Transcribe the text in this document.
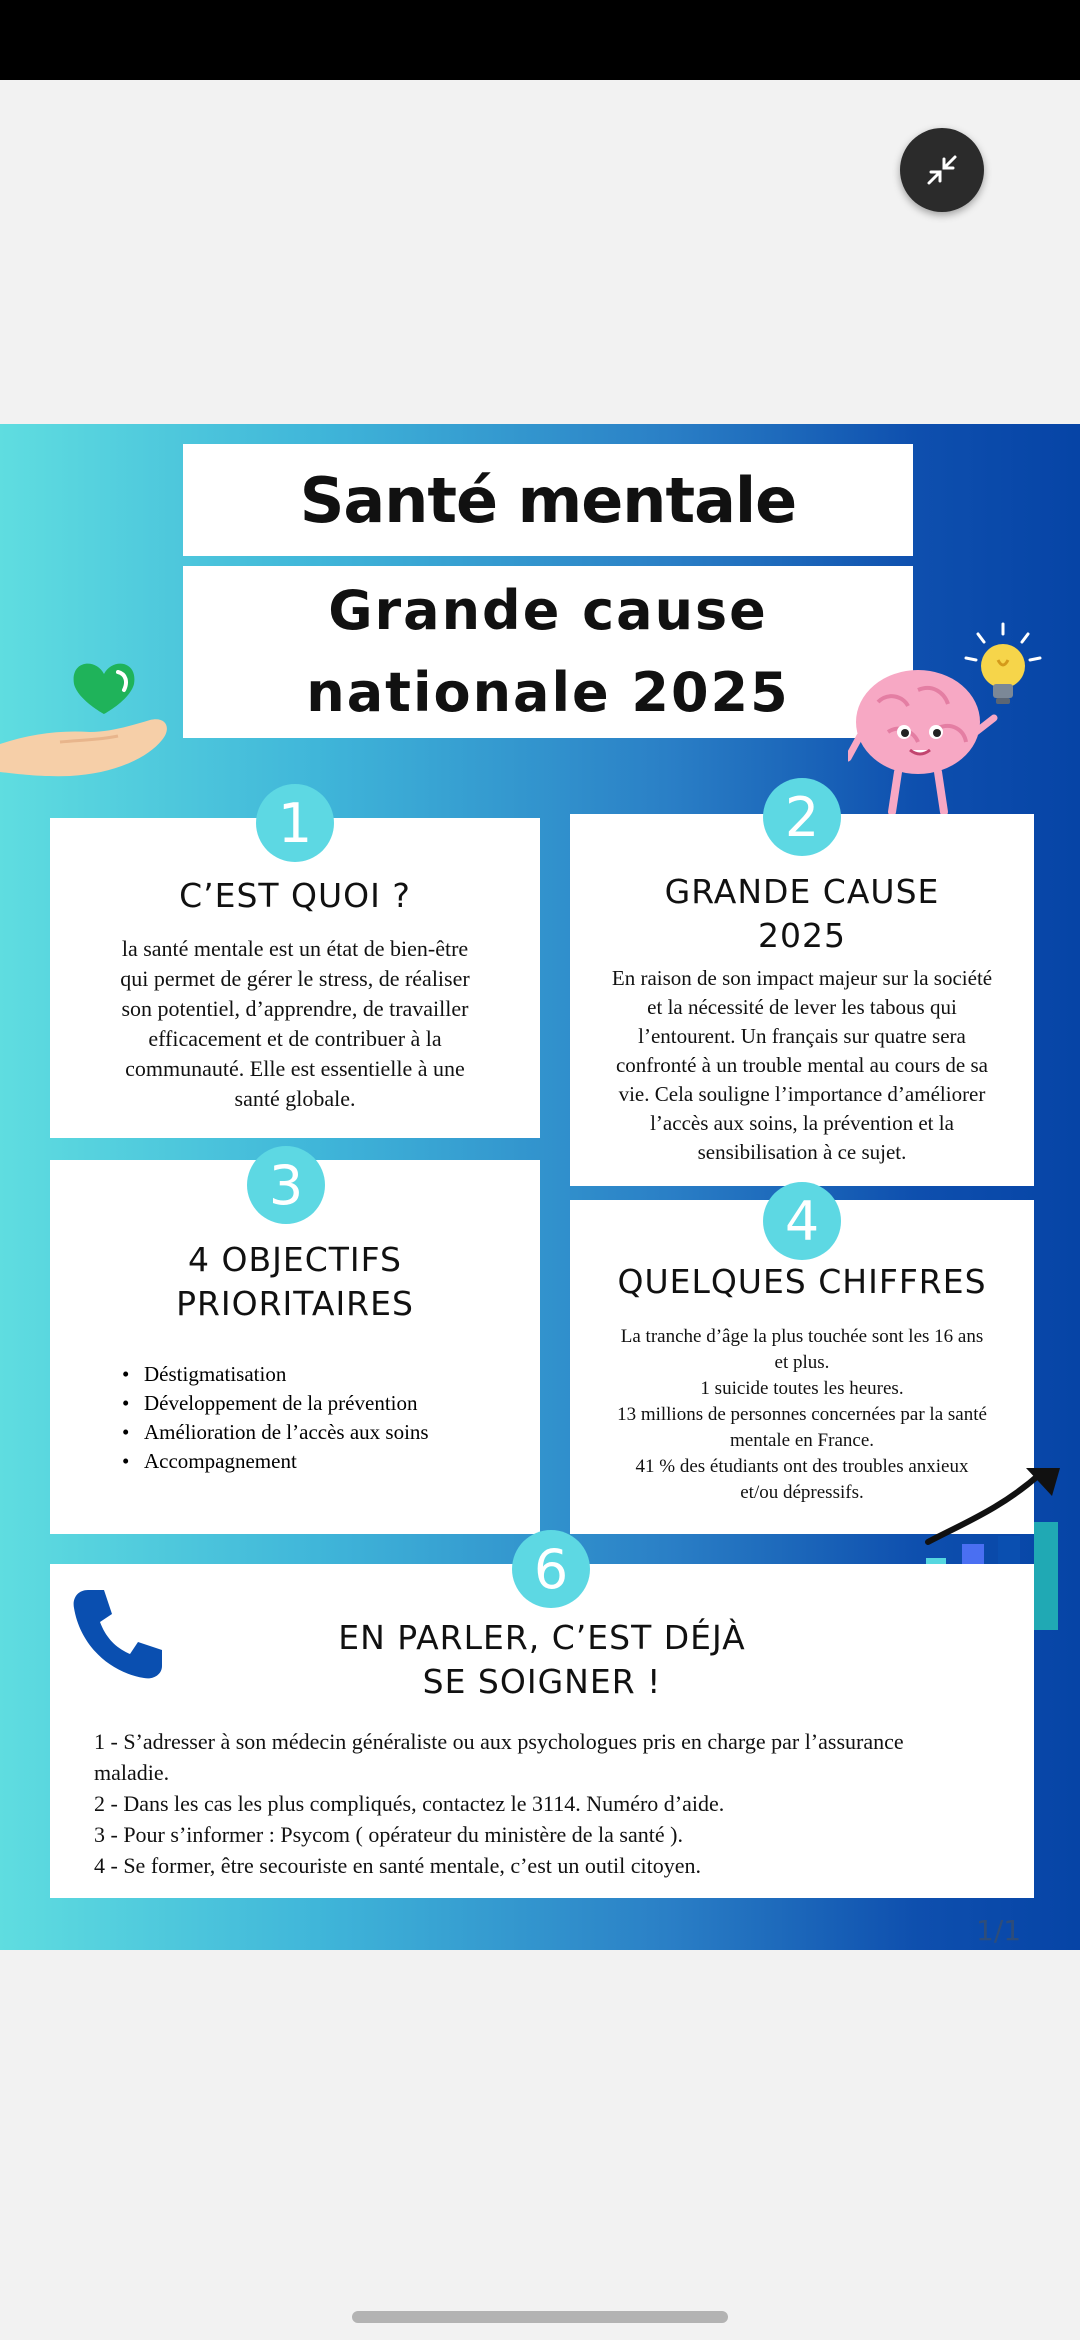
Santé mentale
Grande cause
nationale 2025
C’EST QUOI ?
la santé mentale est un état de bien-être
qui permet de gérer le stress, de réaliser
son potentiel, d’apprendre, de travailler
efficacement et de contribuer à la
communauté. Elle est essentielle à une
santé globale.
1
GRANDE CAUSE
2025
En raison de son impact majeur sur la société
et la nécessité de lever les tabous qui
l’entourent. Un français sur quatre sera
confronté à un trouble mental au cours de sa
vie. Cela souligne l’importance d’améliorer
l’accès aux soins, la prévention et la
sensibilisation à ce sujet.
2
4 OBJECTIFS
PRIORITAIRES
• Déstigmatisation
• Développement de la prévention
• Amélioration de l’accès aux soins
• Accompagnement
3
QUELQUES CHIFFRES
La tranche d’âge la plus touchée sont les 16 ans
et plus.
1 suicide toutes les heures.
13 millions de personnes concernées par la santé
mentale en France.
41 % des étudiants ont des troubles anxieux
et/ou dépressifs.
4
EN PARLER, C’EST DÉJÀ
SE SOIGNER !
1 - S’adresser à son médecin généraliste ou aux psychologues pris en charge par l’assurance
maladie.
2 - Dans les cas les plus compliqués, contactez le 3114. Numéro d’aide.
3 - Pour s’informer : Psycom ( opérateur du ministère de la santé ).
4 - Se former, être secouriste en santé mentale, c’est un outil citoyen.
6
1/1
